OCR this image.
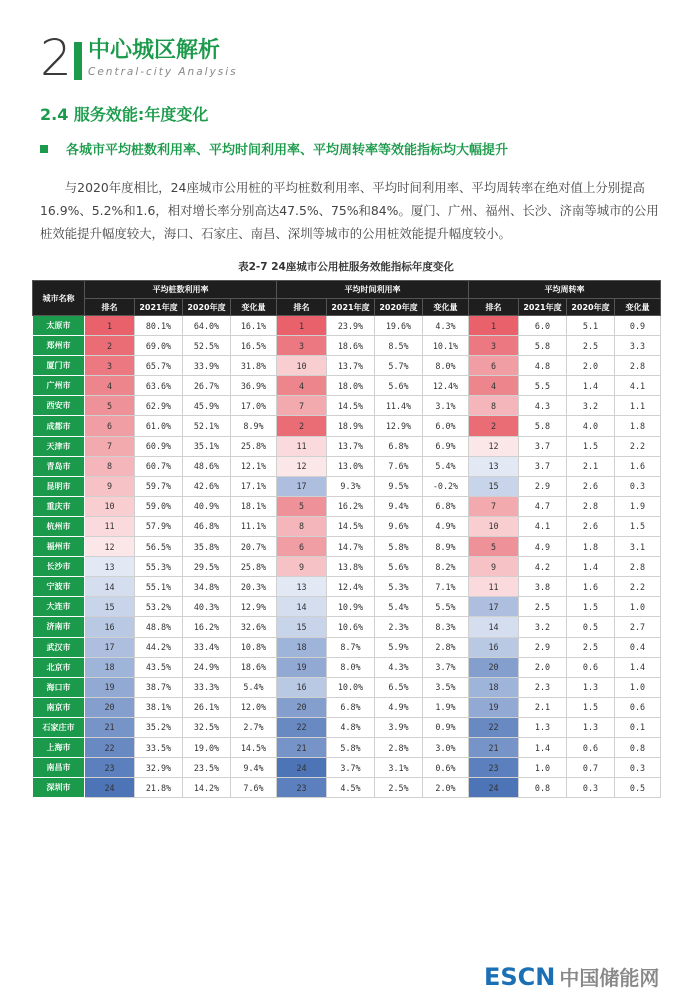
2 中心城区解析
Central-city Analysis
2.4 服务效能:年度变化
各城市平均桩数利用率、平均时间利用率、平均周转率等效能指标均大幅提升

与2020年度相比，24座城市公用桩的平均桩数利用率、平均时间利用率、平均周转率在绝对值上分别提高16.9%、5.2%和1.6，相对增长率分别高达47.5%、75%和84%。厦门、广州、福州、长沙、济南等城市的公用桩效能提升幅度较大，海口、石家庄、南昌、深圳等城市的公用桩效能提升幅度较小。

表2-7 24座城市公用桩服务效能指标年度变化
城市名称	平均桩数利用率				平均时间利用率				平均周转率			
	排名	2021年度	2020年度	变化量	排名	2021年度	2020年度	变化量	排名	2021年度	2020年度	变化量
太原市	1	80.1%	64.0%	16.1%	1	23.9%	19.6%	4.3%	1	6.0	5.1	0.9
郑州市	2	69.0%	52.5%	16.5%	3	18.6%	8.5%	10.1%	3	5.8	2.5	3.3
厦门市	3	65.7%	33.9%	31.8%	10	13.7%	5.7%	8.0%	6	4.8	2.0	2.8
广州市	4	63.6%	26.7%	36.9%	4	18.0%	5.6%	12.4%	4	5.5	1.4	4.1
西安市	5	62.9%	45.9%	17.0%	7	14.5%	11.4%	3.1%	8	4.3	3.2	1.1
成都市	6	61.0%	52.1%	8.9%	2	18.9%	12.9%	6.0%	2	5.8	4.0	1.8
天津市	7	60.9%	35.1%	25.8%	11	13.7%	6.8%	6.9%	12	3.7	1.5	2.2
青岛市	8	60.7%	48.6%	12.1%	12	13.0%	7.6%	5.4%	13	3.7	2.1	1.6
昆明市	9	59.7%	42.6%	17.1%	17	9.3%	9.5%	-0.2%	15	2.9	2.6	0.3
重庆市	10	59.0%	40.9%	18.1%	5	16.2%	9.4%	6.8%	7	4.7	2.8	1.9
杭州市	11	57.9%	46.8%	11.1%	8	14.5%	9.6%	4.9%	10	4.1	2.6	1.5
福州市	12	56.5%	35.8%	20.7%	6	14.7%	5.8%	8.9%	5	4.9	1.8	3.1
长沙市	13	55.3%	29.5%	25.8%	9	13.8%	5.6%	8.2%	9	4.2	1.4	2.8
宁波市	14	55.1%	34.8%	20.3%	13	12.4%	5.3%	7.1%	11	3.8	1.6	2.2
大连市	15	53.2%	40.3%	12.9%	14	10.9%	5.4%	5.5%	17	2.5	1.5	1.0
济南市	16	48.8%	16.2%	32.6%	15	10.6%	2.3%	8.3%	14	3.2	0.5	2.7
武汉市	17	44.2%	33.4%	10.8%	18	8.7%	5.9%	2.8%	16	2.9	2.5	0.4
北京市	18	43.5%	24.9%	18.6%	19	8.0%	4.3%	3.7%	20	2.0	0.6	1.4
海口市	19	38.7%	33.3%	5.4%	16	10.0%	6.5%	3.5%	18	2.3	1.3	1.0
南京市	20	38.1%	26.1%	12.0%	20	6.8%	4.9%	1.9%	19	2.1	1.5	0.6
石家庄市	21	35.2%	32.5%	2.7%	22	4.8%	3.9%	0.9%	22	1.3	1.3	0.1
上海市	22	33.5%	19.0%	14.5%	21	5.8%	2.8%	3.0%	21	1.4	0.6	0.8
南昌市	23	32.9%	23.5%	9.4%	24	3.7%	3.1%	0.6%	23	1.0	0.7	0.3
深圳市	24	21.8%	14.2%	7.6%	23	4.5%	2.5%	2.0%	24	0.8	0.3	0.5
ESCN 中国储能网
